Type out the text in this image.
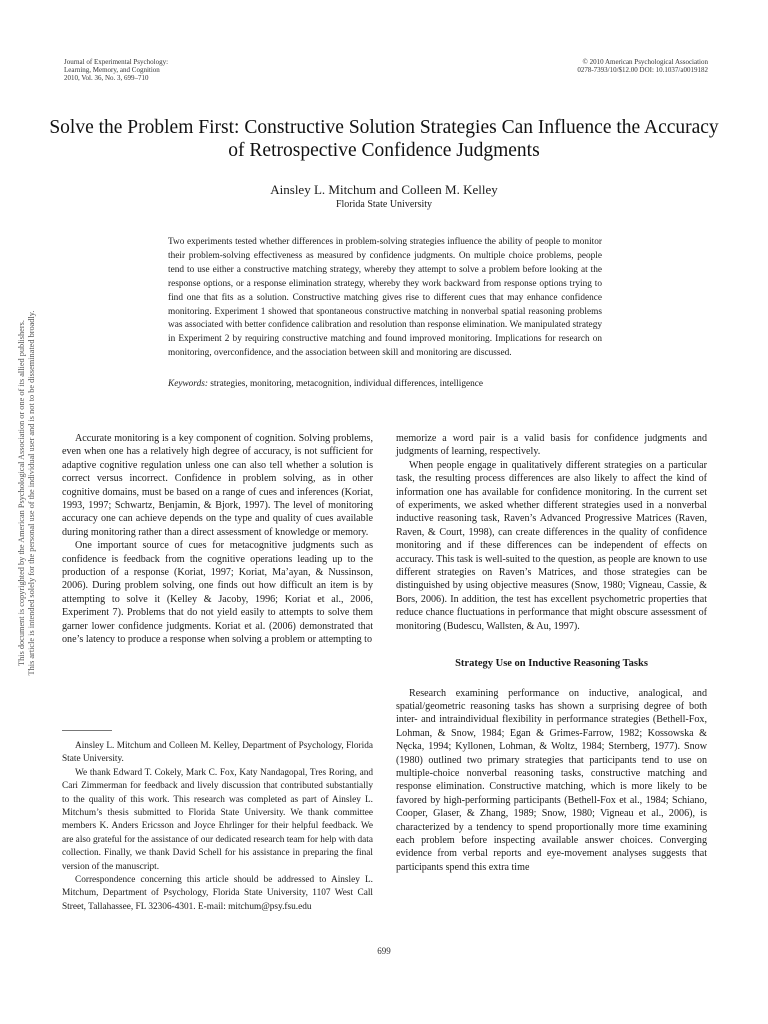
Journal of Experimental Psychology:
Learning, Memory, and Cognition
2010, Vol. 36, No. 3, 699–710
© 2010 American Psychological Association
0278-7393/10/$12.00 DOI: 10.1037/a0019182
Solve the Problem First: Constructive Solution Strategies Can Influence the Accuracy of Retrospective Confidence Judgments
Ainsley L. Mitchum and Colleen M. Kelley
Florida State University
Two experiments tested whether differences in problem-solving strategies influence the ability of people to monitor their problem-solving effectiveness as measured by confidence judgments. On multiple choice problems, people tend to use either a constructive matching strategy, whereby they attempt to solve a problem before looking at the response options, or a response elimination strategy, whereby they work backward from response options trying to find one that fits as a solution. Constructive matching gives rise to different cues that may enhance confidence monitoring. Experiment 1 showed that spontaneous constructive matching in nonverbal spatial reasoning problems was associated with better confidence calibration and resolution than response elimination. We manipulated strategy in Experiment 2 by requiring constructive matching and found improved monitoring. Implications for research on monitoring, overconfidence, and the association between skill and monitoring are discussed.
Keywords: strategies, monitoring, metacognition, individual differences, intelligence

Accurate monitoring is a key component of cognition. Solving problems, even when one has a relatively high degree of accuracy, is not sufficient for adaptive cognitive regulation unless one can also tell whether a solution is correct versus incorrect. Confidence in problem solving, as in other cognitive domains, must be based on a range of cues and inferences (Koriat, 1993, 1997; Schwartz, Benjamin, & Bjork, 1997). The level of monitoring accuracy one can achieve depends on the type and quality of cues available during monitoring rather than a direct assessment of knowledge or memory.

One important source of cues for metacognitive judgments such as confidence is feedback from the cognitive operations leading up to the production of a response (Koriat, 1997; Koriat, Ma’ayan, & Nussinson, 2006). During problem solving, one finds out how difficult an item is by attempting to solve it (Kelley & Jacoby, 1996; Koriat et al., 2006, Experiment 7). Problems that do not yield easily to attempts to solve them garner lower confidence judgments. Koriat et al. (2006) demonstrated that one’s latency to produce a response when solving a problem or attempting to

memorize a word pair is a valid basis for confidence judgments and judgments of learning, respectively.

When people engage in qualitatively different strategies on a particular task, the resulting process differences are also likely to affect the kind of information one has available for confidence monitoring. In the current set of experiments, we asked whether different strategies used in a nonverbal inductive reasoning task, Raven’s Advanced Progressive Matrices (Raven, Raven, & Court, 1998), can create differences in the quality of confidence monitoring and if these differences can be independent of effects on accuracy. This task is well-suited to the question, as people are known to use different strategies on Raven’s Matrices, and those strategies can be distinguished by using objective measures (Snow, 1980; Vigneau, Cassie, & Bors, 2006). In addition, the test has excellent psychometric properties that reduce chance fluctuations in performance that might obscure assessment of monitoring (Budescu, Wallsten, & Au, 1997).

Strategy Use on Inductive Reasoning Tasks

Research examining performance on inductive, analogical, and spatial/geometric reasoning tasks has shown a surprising degree of both inter- and intraindividual flexibility in performance strategies (Bethell-Fox, Lohman, & Snow, 1984; Egan & Grimes-Farrow, 1982; Kossowska & Nęcka, 1994; Kyllonen, Lohman, & Woltz, 1984; Sternberg, 1977). Snow (1980) outlined two primary strategies that participants tend to use on multiple-choice nonverbal reasoning tasks, constructive matching and response elimination. Constructive matching, which is more likely to be favored by high-performing participants (Bethell-Fox et al., 1984; Schiano, Cooper, Glaser, & Zhang, 1989; Snow, 1980; Vigneau et al., 2006), is characterized by a tendency to spend proportionally more time examining each problem before inspecting available answer choices. Converging evidence from verbal reports and eye-movement analyses suggests that participants spend this extra time

Ainsley L. Mitchum and Colleen M. Kelley, Department of Psychology, Florida State University.

We thank Edward T. Cokely, Mark C. Fox, Katy Nandagopal, Tres Roring, and Cari Zimmerman for feedback and lively discussion that contributed substantially to the quality of this work. This research was completed as part of Ainsley L. Mitchum’s thesis submitted to Florida State University. We thank committee members K. Anders Ericsson and Joyce Ehrlinger for their helpful feedback. We are also grateful for the assistance of our dedicated research team for help with data collection. Finally, we thank David Schell for his assistance in preparing the final version of the manuscript.

Correspondence concerning this article should be addressed to Ainsley L. Mitchum, Department of Psychology, Florida State University, 1107 West Call Street, Tallahassee, FL 32306-4301. E-mail: mitchum@psy.fsu.edu

699
This document is copyrighted by the American Psychological Association or one of its allied publishers. This article is intended solely for the personal use of the individual user and is not to be disseminated broadly.
